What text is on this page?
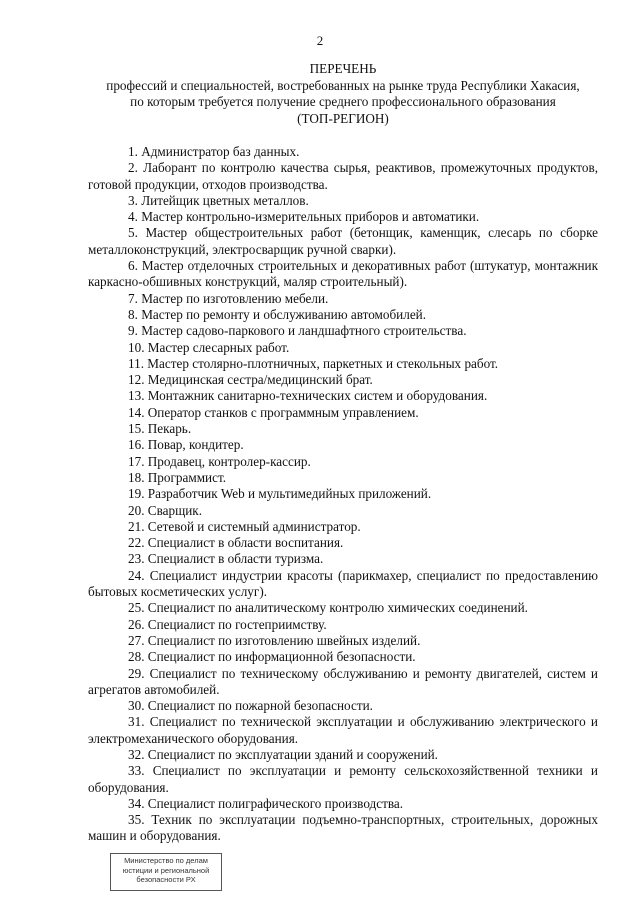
2
ПЕРЕЧЕНЬ
профессий и специальностей, востребованных на рынке труда Республики Хакасия,
по которым требуется получение среднего профессионального образования
(ТОП-РЕГИОН)

1. Администратор баз данных.

2. Лаборант по контролю качества сырья, реактивов, промежуточных продуктов, готовой продукции, отходов производства.

3. Литейщик цветных металлов.

4. Мастер контрольно-измерительных приборов и автоматики.

5. Мастер общестроительных работ (бетонщик, каменщик, слесарь по сборке металлоконструкций, электросварщик ручной сварки).

6. Мастер отделочных строительных и декоративных работ (штукатур, монтажник каркасно-обшивных конструкций, маляр строительный).

7. Мастер по изготовлению мебели.

8. Мастер по ремонту и обслуживанию автомобилей.

9. Мастер садово-паркового и ландшафтного строительства.

10. Мастер слесарных работ.

11. Мастер столярно-плотничных, паркетных и стекольных работ.

12. Медицинская сестра/медицинский брат.

13. Монтажник санитарно-технических систем и оборудования.

14. Оператор станков с программным управлением.

15. Пекарь.

16. Повар, кондитер.

17. Продавец, контролер-кассир.

18. Программист.

19. Разработчик Web и мультимедийных приложений.

20. Сварщик.

21. Сетевой и системный администратор.

22. Специалист в области воспитания.

23. Специалист в области туризма.

24. Специалист индустрии красоты (парикмахер, специалист по предоставлению бытовых косметических услуг).

25. Специалист по аналитическому контролю химических соединений.

26. Специалист по гостеприимству.

27. Специалист по изготовлению швейных изделий.

28. Специалист по информационной безопасности.

29. Специалист по техническому обслуживанию и ремонту двигателей, систем и агрегатов автомобилей.

30. Специалист по пожарной безопасности.

31. Специалист по технической эксплуатации и обслуживанию электрического и электромеханического оборудования.

32. Специалист по эксплуатации зданий и сооружений.

33. Специалист по эксплуатации и ремонту сельскохозяйственной техники и оборудования.

34. Специалист полиграфического производства.

35. Техник по эксплуатации подъемно-транспортных, строительных, дорожных машин и оборудования.

Министерство по делам
юстиции и региональной
безопасности РХ
